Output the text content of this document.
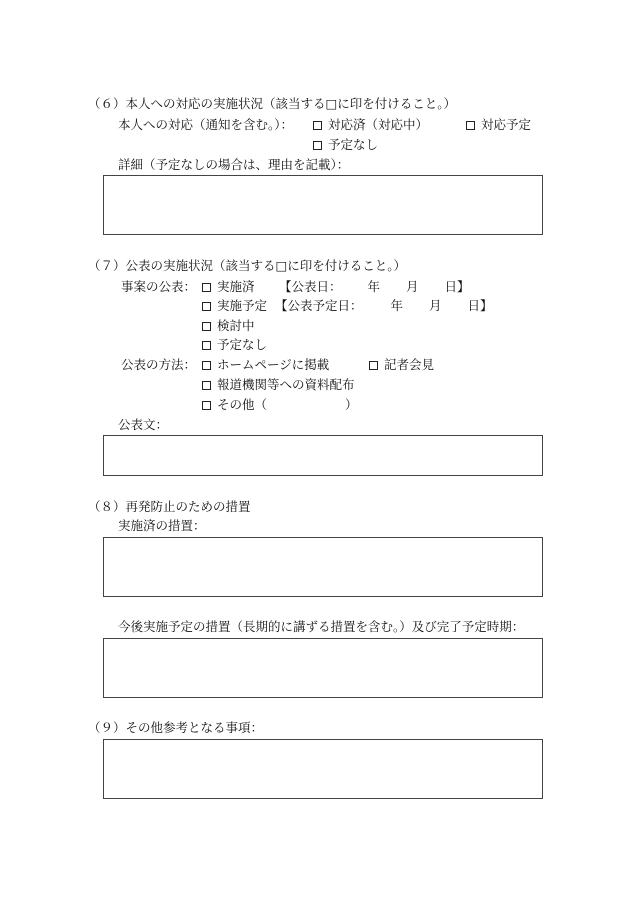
（６）本人への対応の実施状況（該当する□に印を付けること。）
本人への対応（通知を含む。）：	対応済（対応中）	対応予定
予定なし
詳細（予定なしの場合は、理由を記載）：
（７）公表の実施状況（該当する□に印を付けること。）
事案の公表：	実施済 【公表日： 年 月 日】
実施予定 【公表予定日： 年 月 日】
検討中
予定なし
公表の方法：	ホームページに掲載	記者会見
報道機関等への資料配布
その他（	）
公表文：
（８）再発防止のための措置
実施済の措置：
今後実施予定の措置（長期的に講ずる措置を含む。）及び完了予定時期：
（９）その他参考となる事項：
